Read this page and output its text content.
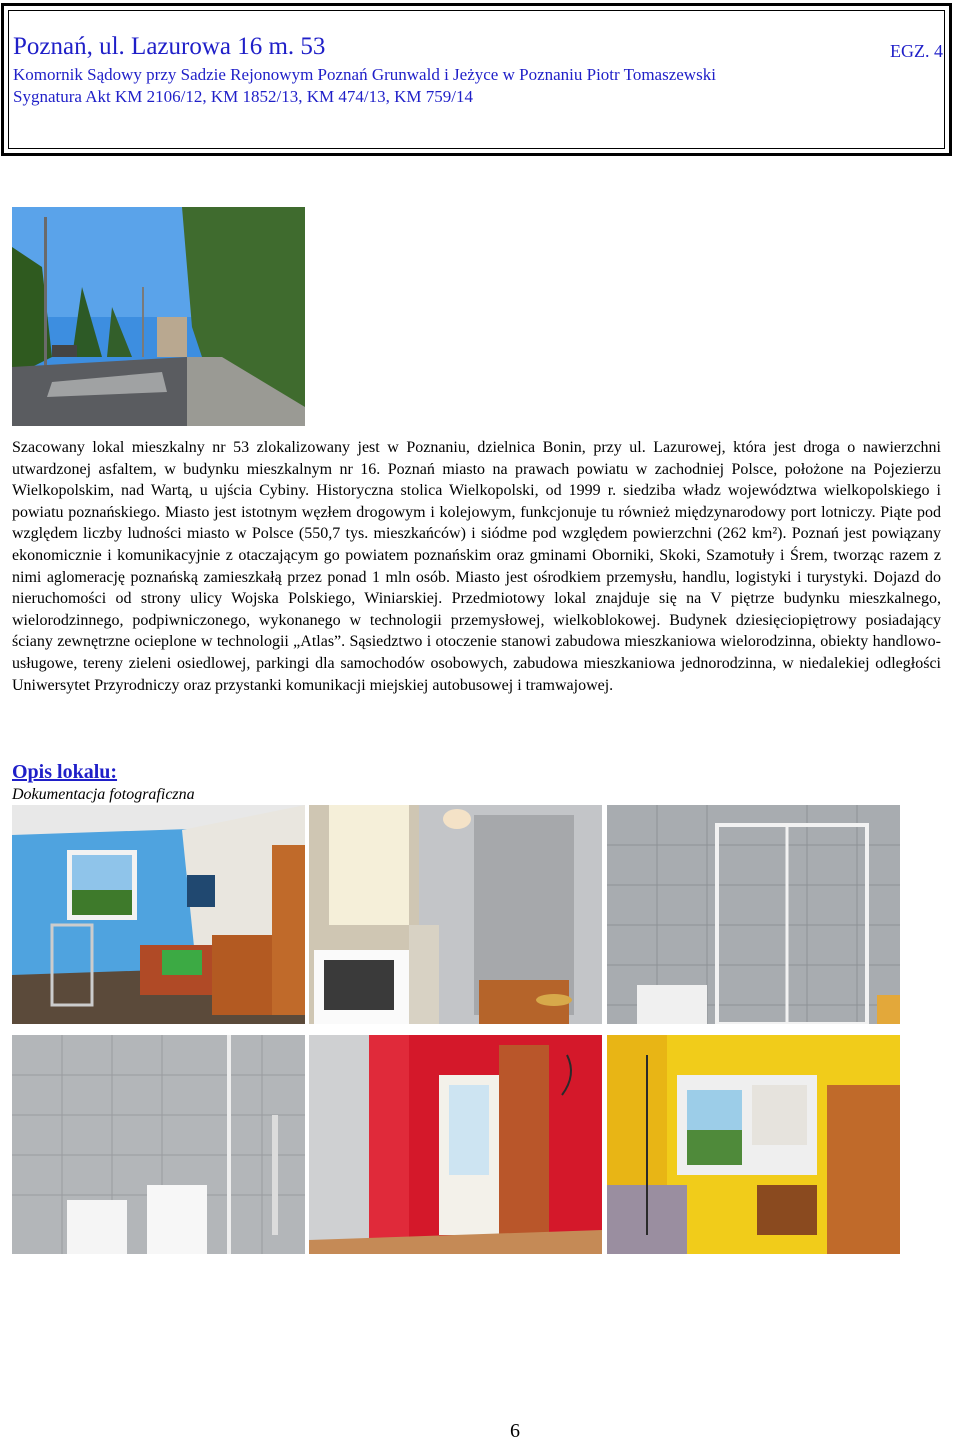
Poznań, ul. Lazurowa 16 m. 53	EGZ. 4
Komornik Sądowy przy Sadzie Rejonowym Poznań Grunwald i Jeżyce w Poznaniu Piotr Tomaszewski
Sygnatura Akt KM 2106/12, KM 1852/13, KM 474/13, KM 759/14

Szacowany lokal mieszkalny nr 53 zlokalizowany jest w Poznaniu, dzielnica Bonin, przy ul. Lazurowej, która jest droga o nawierzchni utwardzonej asfaltem, w budynku mieszkalnym nr 16. Poznań miasto na prawach powiatu w zachodniej Polsce, położone na Pojezierzu Wielkopolskim, nad Wartą, u ujścia Cybiny. Historyczna stolica Wielkopolski, od 1999 r. siedziba władz województwa wielkopolskiego i powiatu poznańskiego. Miasto jest istotnym węzłem drogowym i kolejowym, funkcjonuje tu również międzynarodowy port lotniczy. Piąte pod względem liczby ludności miasto w Polsce (550,7 tys. mieszkańców) i siódme pod względem powierzchni (262 km²). Poznań jest powiązany ekonomicznie i komunikacyjnie z otaczającym go powiatem poznańskim oraz gminami Oborniki, Skoki, Szamotuły i Śrem, tworząc razem z nimi aglomerację poznańską zamieszkałą przez ponad 1 mln osób. Miasto jest ośrodkiem przemysłu, handlu, logistyki i turystyki. Dojazd do nieruchomości od strony ulicy Wojska Polskiego, Winiarskiej. Przedmiotowy lokal znajduje się na V piętrze budynku mieszkalnego, wielorodzinnego, podpiwniczonego, wykonanego w technologii przemysłowej, wielkoblokowej. Budynek dziesięciopiętrowy posiadający ściany zewnętrzne ocieplone w technologii „Atlas”. Sąsiedztwo i otoczenie stanowi zabudowa mieszkaniowa wielorodzinna, obiekty handlowo- usługowe, tereny zieleni osiedlowej, parkingi dla samochodów osobowych, zabudowa mieszkaniowa jednorodzinna, w niedalekiej odległości Uniwersytet Przyrodniczy oraz przystanki komunikacji miejskiej autobusowej i tramwajowej.

Opis lokalu:
Dokumentacja fotograficzna
6
